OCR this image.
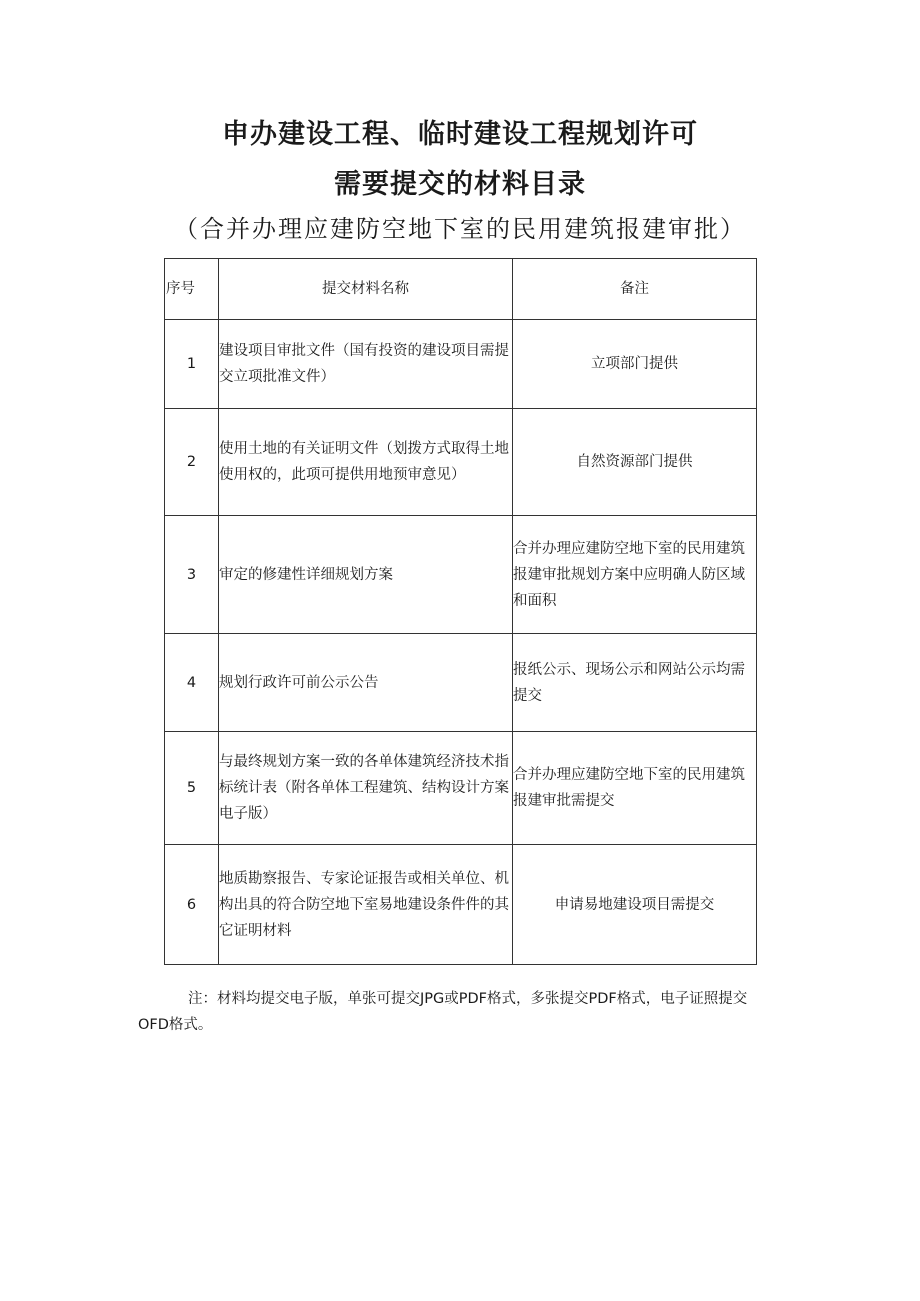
申办建设工程、临时建设工程规划许可
需要提交的材料目录

（合并办理应建防空地下室的民用建筑报建审批）

序号	提交材料名称	备注
1	建设项目审批文件（国有投资的建设项目需提交立项批准文件）	立项部门提供
2	使用土地的有关证明文件（划拨方式取得土地使用权的，此项可提供用地预审意见）	自然资源部门提供
3	审定的修建性详细规划方案	合并办理应建防空地下室的民用建筑报建审批规划方案中应明确人防区域和面积
4	规划行政许可前公示公告	报纸公示、现场公示和网站公示均需提交
5	与最终规划方案一致的各单体建筑经济技术指标统计表（附各单体工程建筑、结构设计方案电子版）	合并办理应建防空地下室的民用建筑报建审批需提交
6	地质勘察报告、专家论证报告或相关单位、机构出具的符合防空地下室易地建设条件件的其它证明材料	申请易地建设项目需提交

注：材料均提交电子版，单张可提交JPG或PDF格式，多张提交PDF格式，电子证照提交OFD格式。
